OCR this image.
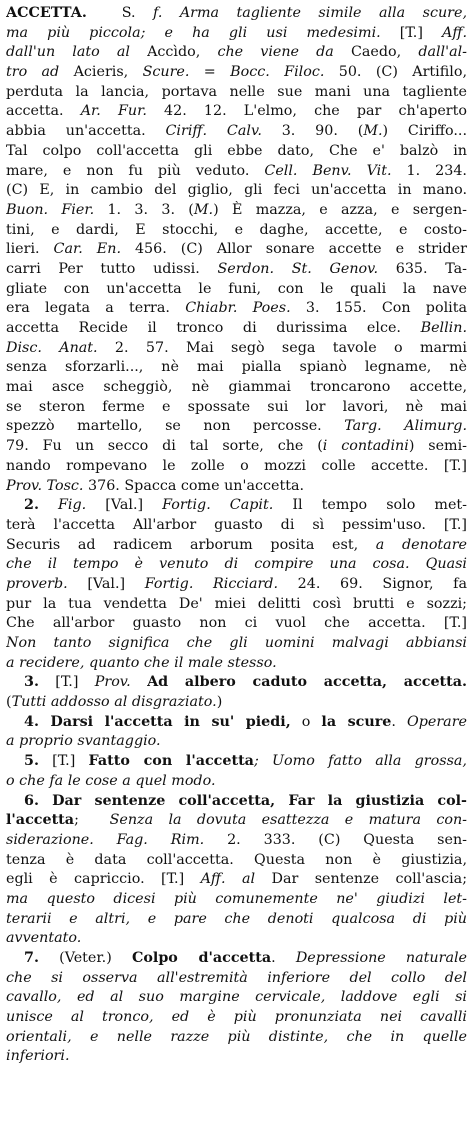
ACCETTA.  S. f. Arma tagliente simile alla scure,
ma più piccola; e ha gli usi medesimi. [T.] Aff.
dall'un lato al Accìdo, che viene da Caedo, dall'al-
tro ad Acieris, Scure. = Bocc. Filoc. 50. (C) Artifilo,
perduta la lancia, portava nelle sue mani una tagliente
accetta. Ar. Fur. 42. 12. L'elmo, che par ch'aperto
abbia un'accetta. Ciriff. Calv. 3. 90. (M.) Ciriffo...
Tal colpo coll'accetta gli ebbe dato, Che e' balzò in
mare, e non fu più veduto. Cell. Benv. Vit. 1. 234.
(C) E, in cambio del giglio, gli feci un'accetta in mano.
Buon. Fier. 1. 3. 3. (M.) È mazza, e azza, e sergen-
tini, e dardi, E stocchi, e daghe, accette, e costo-
lieri. Car. En. 456. (C) Allor sonare accette e strider
carri Per tutto udissi. Serdon. St. Genov. 635. Ta-
gliate con un'accetta le funi, con le quali la nave
era legata a terra. Chiabr. Poes. 3. 155. Con polita
accetta Recide il tronco di durissima elce. Bellin.
Disc. Anat. 2. 57. Mai segò sega tavole o marmi
senza sforzarli..., nè mai pialla spianò legname, nè
mai asce scheggiò, nè giammai troncarono accette,
se steron ferme e spossate sui lor lavori, nè mai
spezzò martello, se non percosse. Targ. Alimurg.
79. Fu un secco di tal sorte, che (i contadini) semi-
nando rompevano le zolle o mozzi colle accette. [T.]
Prov. Tosc. 376. Spacca come un'accetta.
2. Fig. [Val.] Fortig. Capit. Il tempo solo met-
terà l'accetta All'arbor guasto di sì pessim'uso. [T.]
Securis ad radicem arborum posita est, a denotare
che il tempo è venuto di compire una cosa. Quasi
proverb. [Val.] Fortig. Ricciard. 24. 69. Signor, fa
pur la tua vendetta De' miei delitti così brutti e sozzi;
Che all'arbor guasto non ci vuol che accetta. [T.]
Non tanto significa che gli uomini malvagi abbiansi
a recidere, quanto che il male stesso.
3. [T.] Prov. Ad albero caduto accetta, accetta.
(Tutti addosso al disgraziato.)
4. Darsi l'accetta in su' piedi, o la scure. Operare
a proprio svantaggio.
5. [T.] Fatto con l'accetta; Uomo fatto alla grossa,
o che fa le cose a quel modo.
6. Dar sentenze coll'accetta, Far la giustizia col-
l'accetta;  Senza la dovuta esattezza e matura con-
siderazione. Fag. Rim. 2. 333. (C) Questa sen-
tenza è data coll'accetta. Questa non è giustizia,
egli è capriccio. [T.] Aff. al Dar sentenze coll'ascia;
ma questo dicesi più comunemente ne' giudizi let-
terarii e altri, e pare che denoti qualcosa di più
avventato.
7. (Veter.) Colpo d'accetta. Depressione naturale
che si osserva all'estremità inferiore del collo del
cavallo, ed al suo margine cervicale, laddove egli si
unisce al tronco, ed è più pronunziata nei cavalli
orientali, e nelle razze più distinte, che in quelle
inferiori.
